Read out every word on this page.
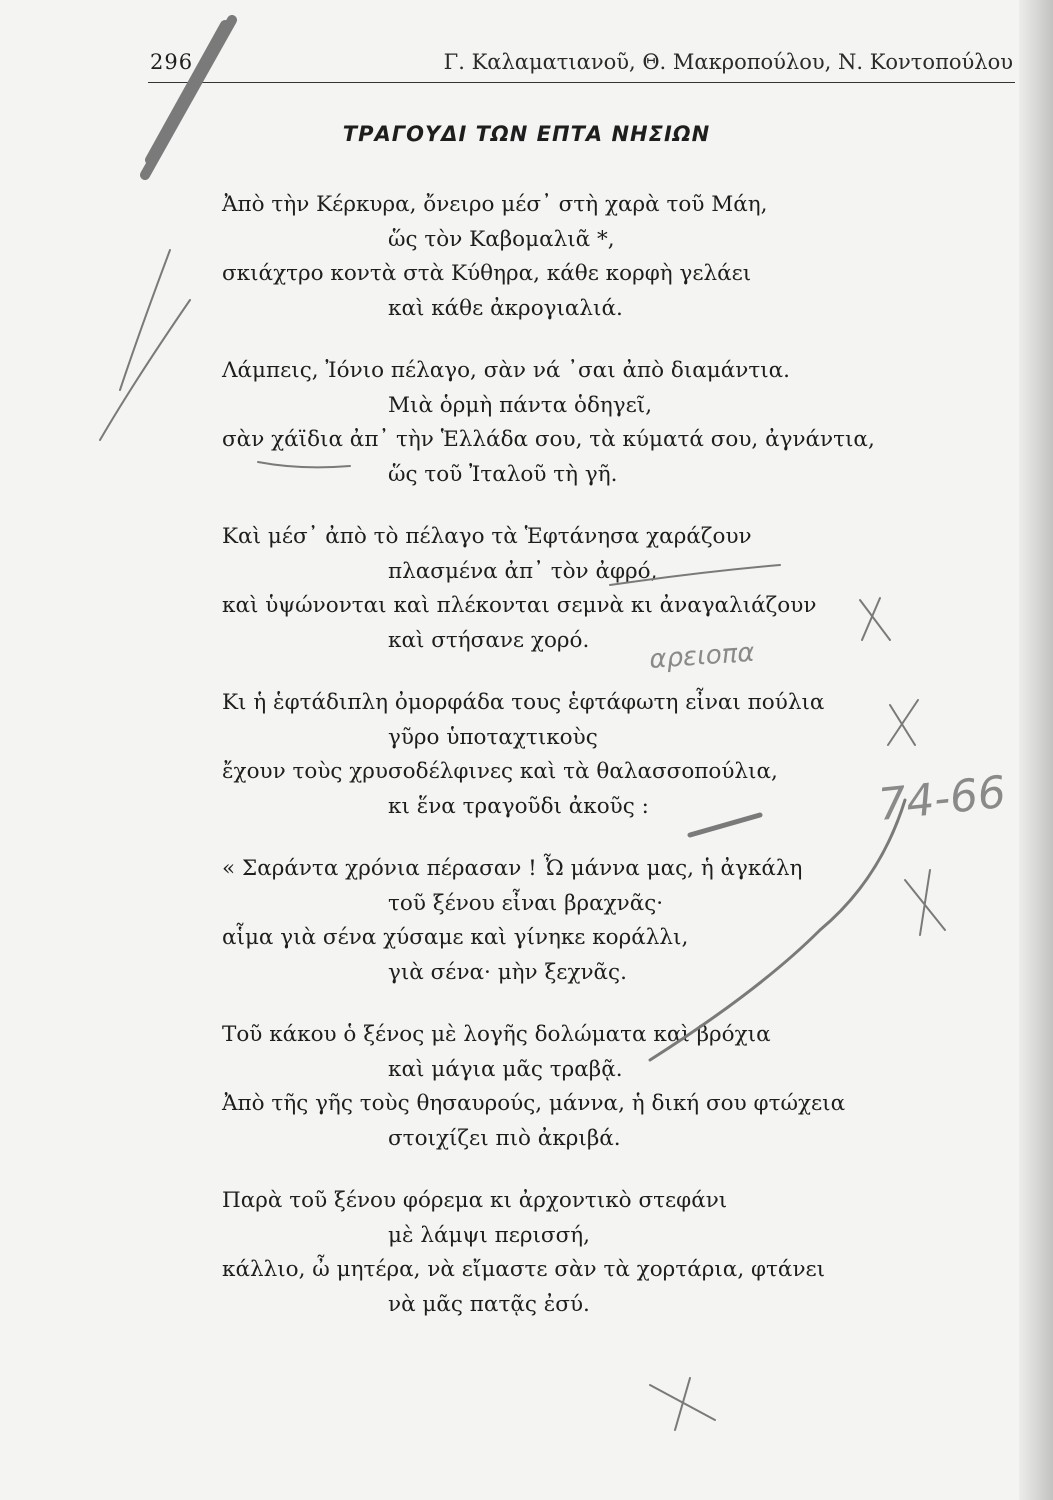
296	Γ. Καλαματιανοῦ, Θ. Μακροπούλου, Ν. Κοντοπούλου
ΤΡΑΓΟΥΔΙ ΤΩΝ ΕΠΤΑ ΝΗΣΙΩΝ
Ἀπὸ τὴν Κέρκυρα, ὄνειρο μέσ᾽ στὴ χαρὰ τοῦ Μάη,
ὥς τὸν Καβομαλιᾶ *,
σκιάχτρο κοντὰ στὰ Κύθηρα, κάθε κορφὴ γελάει
καὶ κάθε ἀκρογιαλιά.
Λάμπεις, Ἰόνιο πέλαγο, σὰν νά ᾽σαι ἀπὸ διαμάντια.
Μιὰ ὁρμὴ πάντα ὁδηγεῖ,
σὰν χάϊδια ἀπ᾽ τὴν Ἑλλάδα σου, τὰ κύματά σου, ἀγνάντια,
ὥς τοῦ Ἰταλοῦ τὴ γῆ.
Καὶ μέσ᾽ ἀπὸ τὸ πέλαγο τὰ Ἑφτάνησα χαράζουν
πλασμένα ἀπ᾽ τὸν ἀφρό,
καὶ ὑψώνονται καὶ πλέκονται σεμνὰ κι ἀναγαλιάζουν
καὶ στήσανε χορό.
Κι ἡ ἑφτάδιπλη ὀμορφάδα τους ἑφτάφωτη εἶναι πούλια
γῦρο ὑποταχτικοὺς
ἔχουν τοὺς χρυσοδέλφινες καὶ τὰ θαλασσοπούλια,
κι ἕνα τραγοῦδι ἀκοῦς :
« Σαράντα χρόνια πέρασαν ! Ὦ μάννα μας, ἡ ἀγκάλη
τοῦ ξένου εἶναι βραχνᾶς·
αἷμα γιὰ σένα χύσαμε καὶ γίνηκε κοράλλι,
γιὰ σένα· μὴν ξεχνᾶς.
Τοῦ κάκου ὁ ξένος μὲ λογῆς δολώματα καὶ βρόχια
καὶ μάγια μᾶς τραβᾷ.
Ἀπὸ τῆς γῆς τοὺς θησαυρούς, μάννα, ἡ δική σου φτώχεια
στοιχίζει πιὸ ἀκριβά.
Παρὰ τοῦ ξένου φόρεμα κι ἀρχοντικὸ στεφάνι
μὲ λάμψι περισσή,
κάλλιο, ὦ μητέρα, νὰ εἴμαστε σὰν τὰ χορτάρια, φτάνει
νὰ μᾶς πατᾷς ἐσύ.
αρειοπα
74-66
